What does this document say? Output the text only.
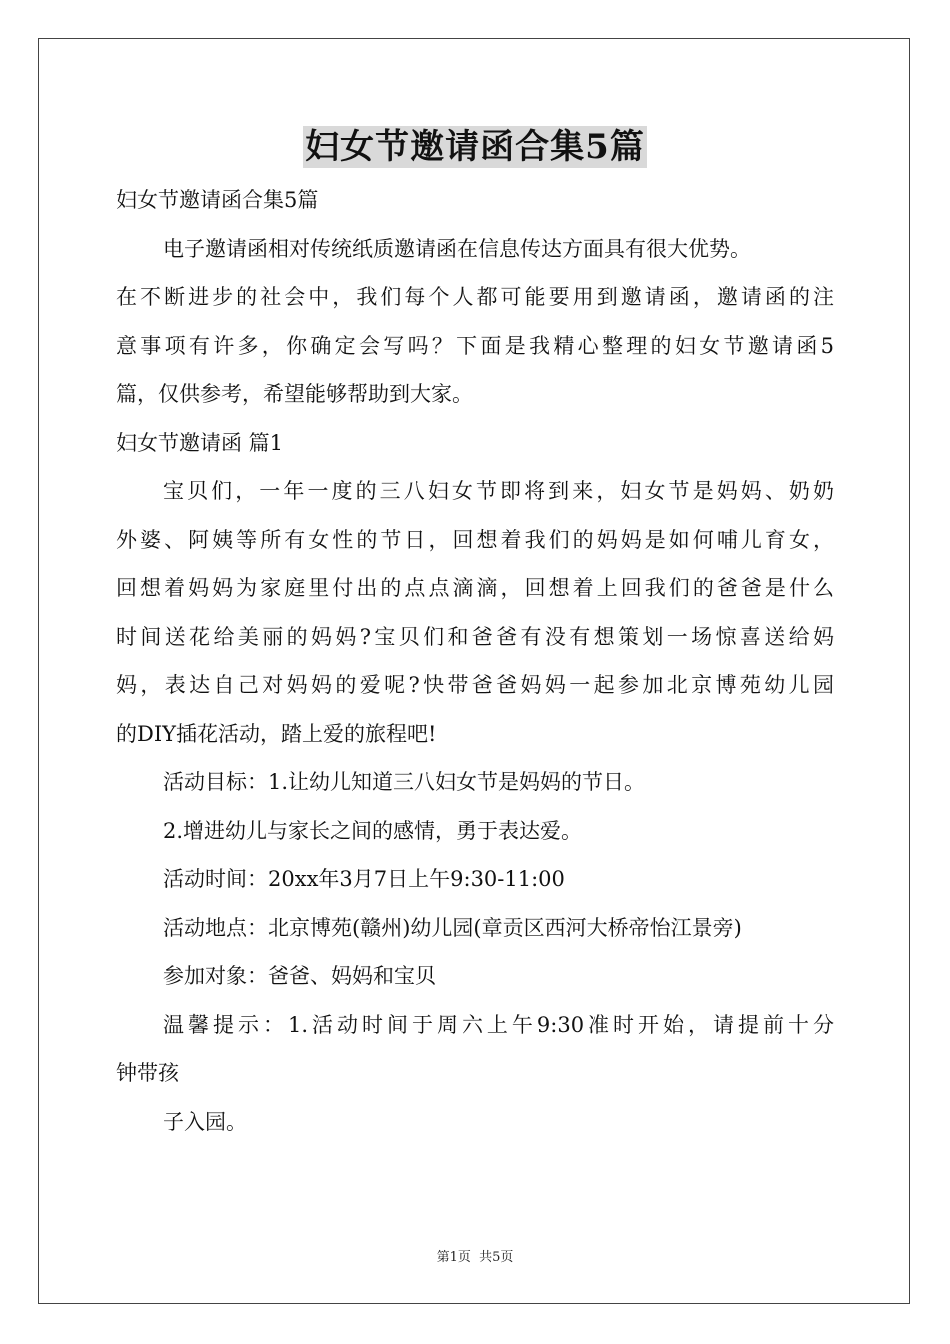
妇女节邀请函合集5篇

妇女节邀请函合集5篇

电子邀请函相对传统纸质邀请函在信息传达方面具有很大优势。

在不断进步的社会中，我们每个人都可能要用到邀请函，邀请函的注

意事项有许多，你确定会写吗？下面是我精心整理的妇女节邀请函5

篇，仅供参考，希望能够帮助到大家。

妇女节邀请函 篇1

宝贝们，一年一度的三八妇女节即将到来，妇女节是妈妈、奶奶

外婆、阿姨等所有女性的节日，回想着我们的妈妈是如何哺儿育女，

回想着妈妈为家庭里付出的点点滴滴，回想着上回我们的爸爸是什么

时间送花给美丽的妈妈?宝贝们和爸爸有没有想策划一场惊喜送给妈

妈，表达自己对妈妈的爱呢?快带爸爸妈妈一起参加北京博苑幼儿园

的DIY插花活动，踏上爱的旅程吧!

活动目标：1.让幼儿知道三八妇女节是妈妈的节日。

2.增进幼儿与家长之间的感情，勇于表达爱。

活动时间：20xx年3月7日上午9:30-11:00

活动地点：北京博苑(赣州)幼儿园(章贡区西河大桥帝怡江景旁)

参加对象：爸爸、妈妈和宝贝

温馨提示：1.活动时间于周六上午9:30准时开始，请提前十分

钟带孩

子入园。

第1页  共5页
